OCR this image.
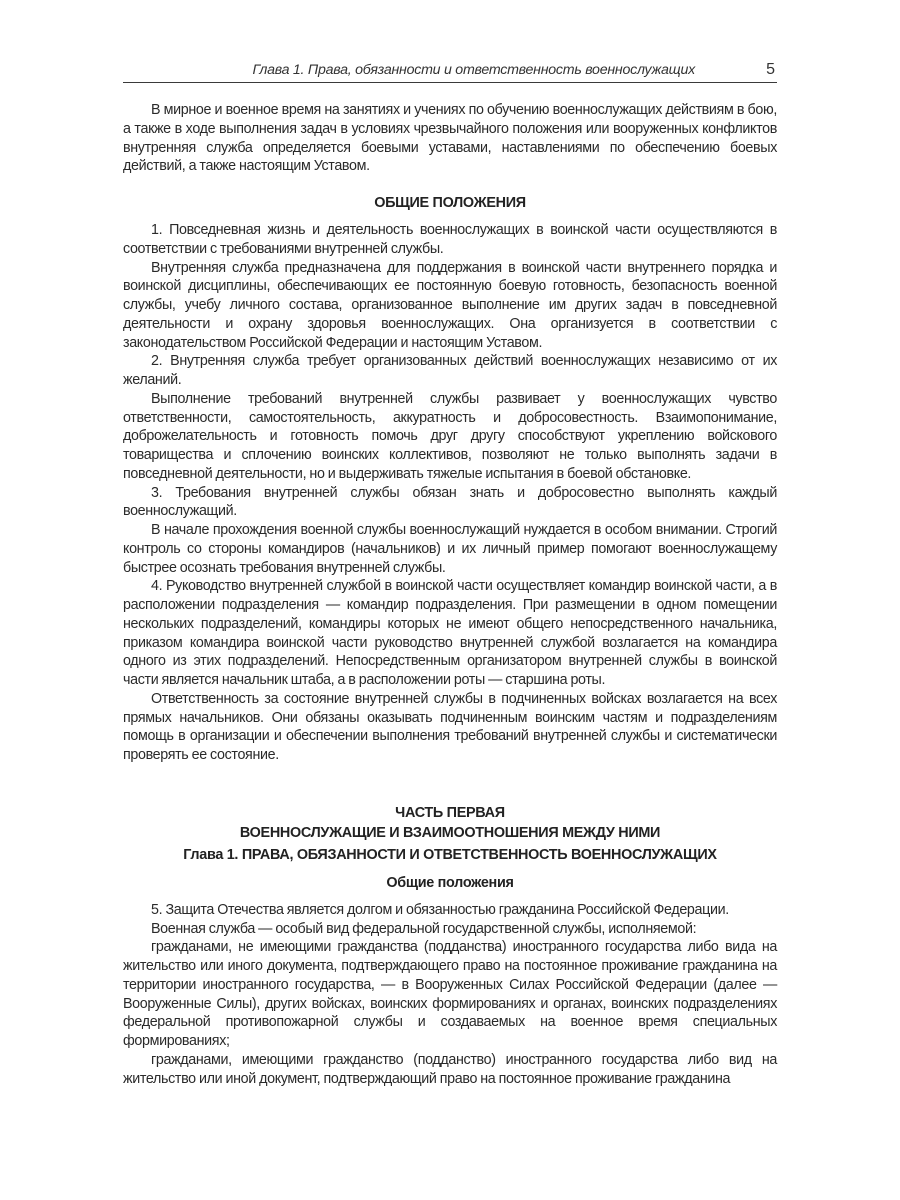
Глава 1. Права, обязанности и ответственность военнослужащих	5

В мирное и военное время на занятиях и учениях по обучению военнослужащих действиям в бою, а также в ходе выполнения задач в условиях чрезвычайного положения или вооруженных конфликтов внутренняя служба определяется боевыми уставами, наставлениями по обеспечению боевых действий, а также настоящим Уставом.

ОБЩИЕ ПОЛОЖЕНИЯ

1. Повседневная жизнь и деятельность военнослужащих в воинской части осуществляются в соответствии с требованиями внутренней службы.

Внутренняя служба предназначена для поддержания в воинской части внутреннего порядка и воинской дисциплины, обеспечивающих ее постоянную боевую готовность, безопасность военной службы, учебу личного состава, организованное выполнение им других задач в повседневной деятельности и охрану здоровья военнослужащих. Она организуется в соответствии с законодательством Российской Федерации и настоящим Уставом.

2. Внутренняя служба требует организованных действий военнослужащих независимо от их желаний.

Выполнение требований внутренней службы развивает у военнослужащих чувство ответственности, самостоятельность, аккуратность и добросовестность. Взаимопонимание, доброжелательность и готовность помочь друг другу способствуют укреплению войскового товарищества и сплочению воинских коллективов, позволяют не только выполнять задачи в повседневной деятельности, но и выдерживать тяжелые испытания в боевой обстановке.

3. Требования внутренней службы обязан знать и добросовестно выполнять каждый военнослужащий.

В начале прохождения военной службы военнослужащий нуждается в особом внимании. Строгий контроль со стороны командиров (начальников) и их личный пример помогают военнослужащему быстрее осознать требования внутренней службы.

4. Руководство внутренней службой в воинской части осуществляет командир воинской части, а в расположении подразделения — командир подразделения. При размещении в одном помещении нескольких подразделений, командиры которых не имеют общего непосредственного начальника, приказом командира воинской части руководство внутренней службой возлагается на командира одного из этих подразделений. Непосредственным организатором внутренней службы в воинской части является начальник штаба, а в расположении роты — старшина роты.

Ответственность за состояние внутренней службы в подчиненных войсках возлагается на всех прямых начальников. Они обязаны оказывать подчиненным воинским частям и подразделениям помощь в организации и обеспечении выполнения требований внутренней службы и систематически проверять ее состояние.

ЧАСТЬ ПЕРВАЯ
ВОЕННОСЛУЖАЩИЕ И ВЗАИМООТНОШЕНИЯ МЕЖДУ НИМИ
Глава 1. ПРАВА, ОБЯЗАННОСТИ И ОТВЕТСТВЕННОСТЬ ВОЕННОСЛУЖАЩИХ
Общие положения

5. Защита Отечества является долгом и обязанностью гражданина Российской Федерации.

Военная служба — особый вид федеральной государственной службы, исполняемой:

гражданами, не имеющими гражданства (подданства) иностранного государства либо вида на жительство или иного документа, подтверждающего право на постоянное проживание гражданина на территории иностранного государства, — в Вооруженных Силах Российской Федерации (далее — Вооруженные Силы), других войсках, воинских формированиях и органах, воинских подразделениях федеральной противопожарной службы и создаваемых на военное время специальных формированиях;

гражданами, имеющими гражданство (подданство) иностранного государства либо вид на жительство или иной документ, подтверждающий право на постоянное проживание гражданина
